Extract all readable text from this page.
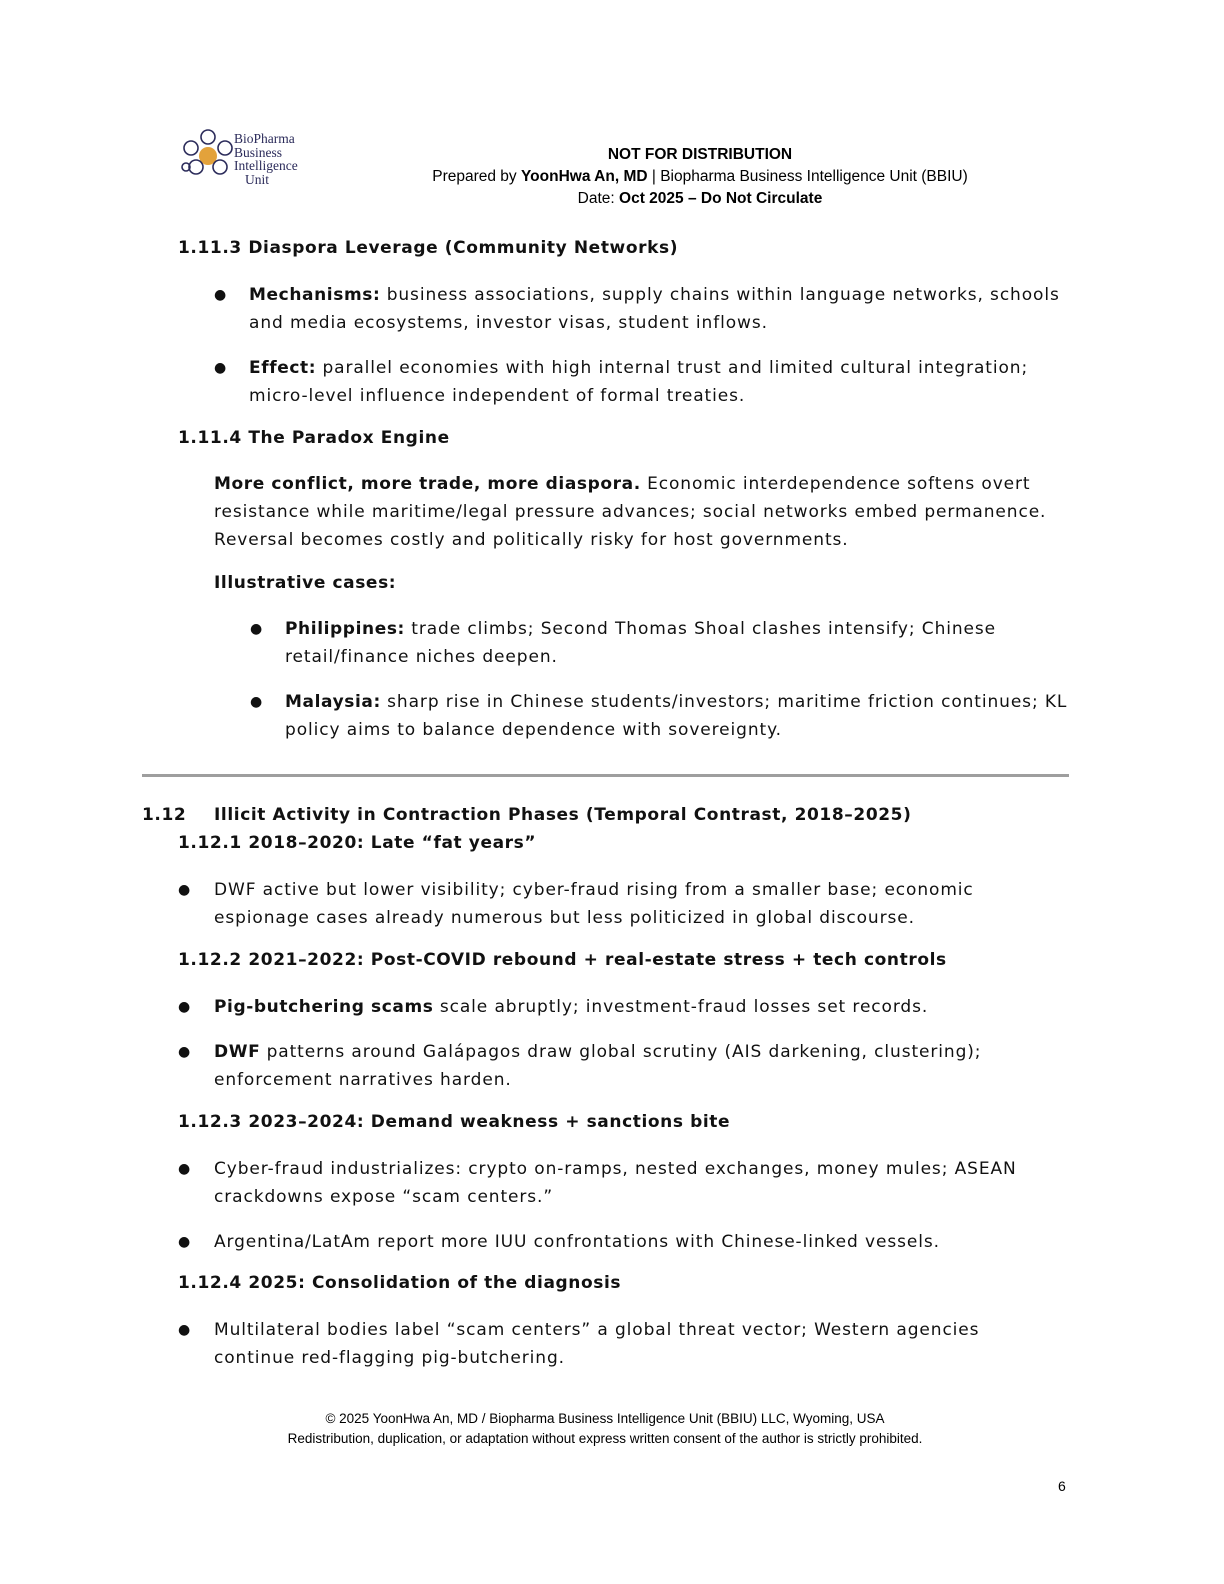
BioPharma
Business
Intelligence
Unit
NOT FOR DISTRIBUTION
Prepared by YoonHwa An, MD | Biopharma Business Intelligence Unit (BBIU)
Date: Oct 2025 – Do Not Circulate
1.11.3 Diaspora Leverage (Community Networks)
● Mechanisms: business associations, supply chains within language networks, schools
and media ecosystems, investor visas, student inflows.
● Effect: parallel economies with high internal trust and limited cultural integration;
micro-level influence independent of formal treaties.
1.11.4 The Paradox Engine
More conflict, more trade, more diaspora. Economic interdependence softens overt
resistance while maritime/legal pressure advances; social networks embed permanence.
Reversal becomes costly and politically risky for host governments.
Illustrative cases:
● Philippines: trade climbs; Second Thomas Shoal clashes intensify; Chinese
retail/finance niches deepen.
● Malaysia: sharp rise in Chinese students/investors; maritime friction continues; KL
policy aims to balance dependence with sovereignty.
1.12 Illicit Activity in Contraction Phases (Temporal Contrast, 2018–2025)
1.12.1 2018–2020: Late “fat years”
● DWF active but lower visibility; cyber-fraud rising from a smaller base; economic
espionage cases already numerous but less politicized in global discourse.
1.12.2 2021–2022: Post-COVID rebound + real-estate stress + tech controls
● Pig-butchering scams scale abruptly; investment-fraud losses set records.
● DWF patterns around Galápagos draw global scrutiny (AIS darkening, clustering);
enforcement narratives harden.
1.12.3 2023–2024: Demand weakness + sanctions bite
● Cyber-fraud industrializes: crypto on-ramps, nested exchanges, money mules; ASEAN
crackdowns expose “scam centers.”
● Argentina/LatAm report more IUU confrontations with Chinese-linked vessels.
1.12.4 2025: Consolidation of the diagnosis
● Multilateral bodies label “scam centers” a global threat vector; Western agencies
continue red-flagging pig-butchering.
© 2025 YoonHwa An, MD / Biopharma Business Intelligence Unit (BBIU) LLC, Wyoming, USA
Redistribution, duplication, or adaptation without express written consent of the author is strictly prohibited.
6
